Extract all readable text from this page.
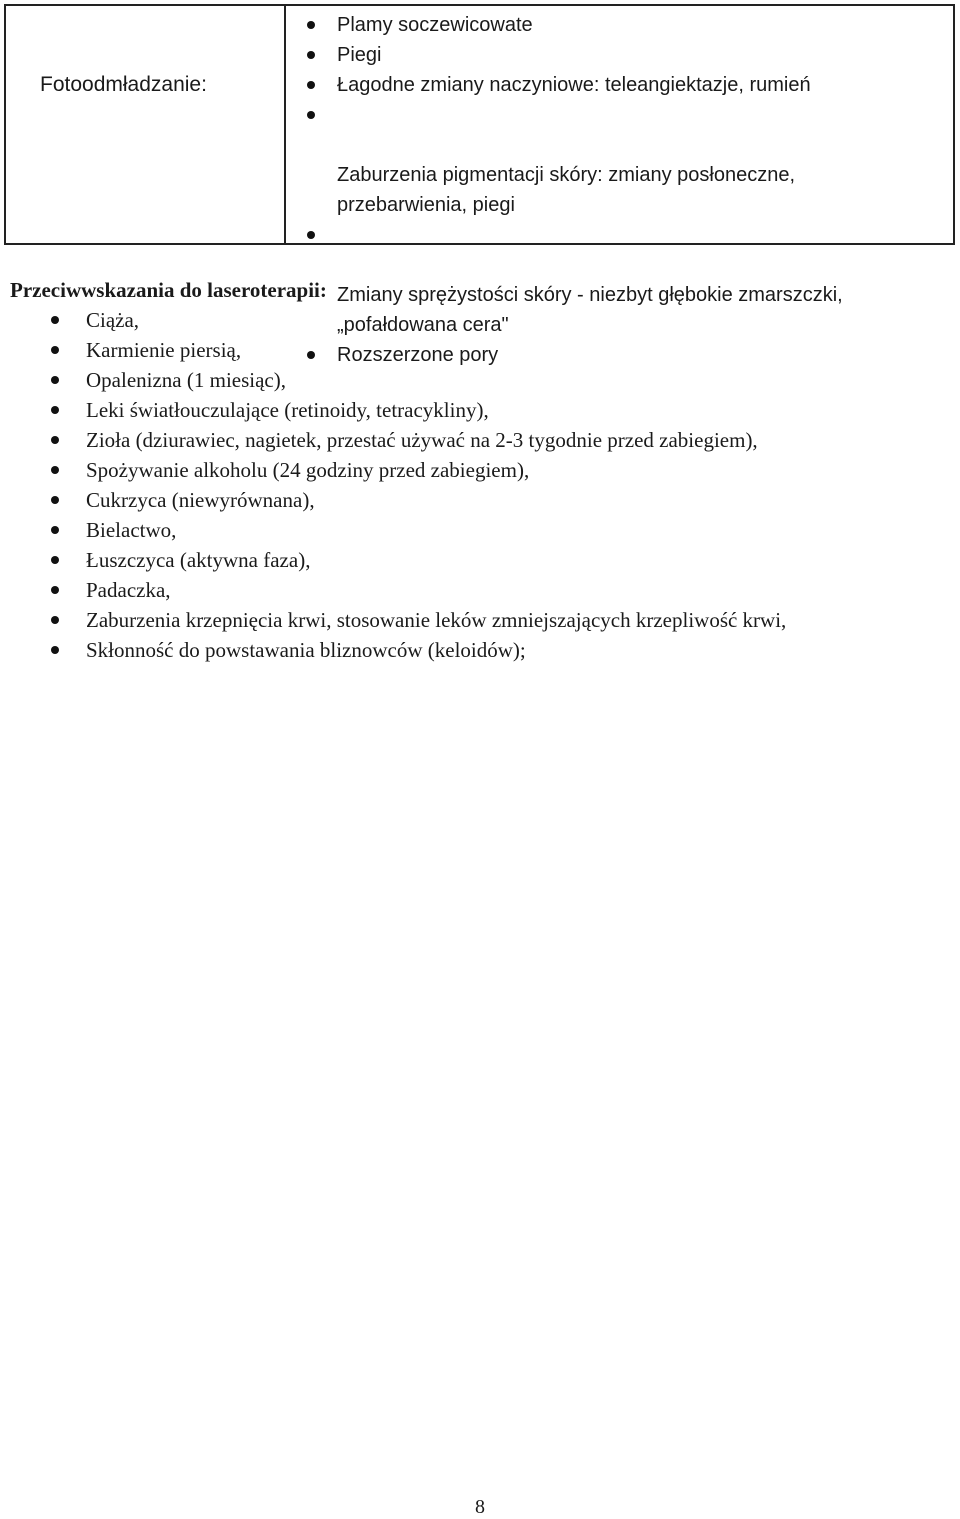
Fotoodmładzanie:
Plamy soczewicowate
Piegi
Łagodne zmiany naczyniowe: teleangiektazje, rumień

Zaburzenia pigmentacji skóry: zmiany posłoneczne,
przebarwienia, piegi

Zmiany sprężystości skóry - niezbyt głębokie zmarszczki,
„pofałdowana cera"

Rozszerzone pory
Przeciwwskazania do laseroterapii:
Ciąża,
Karmienie piersią,
Opalenizna (1 miesiąc),
Leki światłouczulające (retinoidy, tetracykliny),
Zioła (dziurawiec, nagietek, przestać używać na 2-3 tygodnie przed zabiegiem),
Spożywanie alkoholu (24 godziny przed zabiegiem),
Cukrzyca (niewyrównana),
Bielactwo,
Łuszczyca (aktywna faza),
Padaczka,
Zaburzenia krzepnięcia krwi, stosowanie leków zmniejszających krzepliwość krwi,
Skłonność do powstawania bliznowców (keloidów);
8
